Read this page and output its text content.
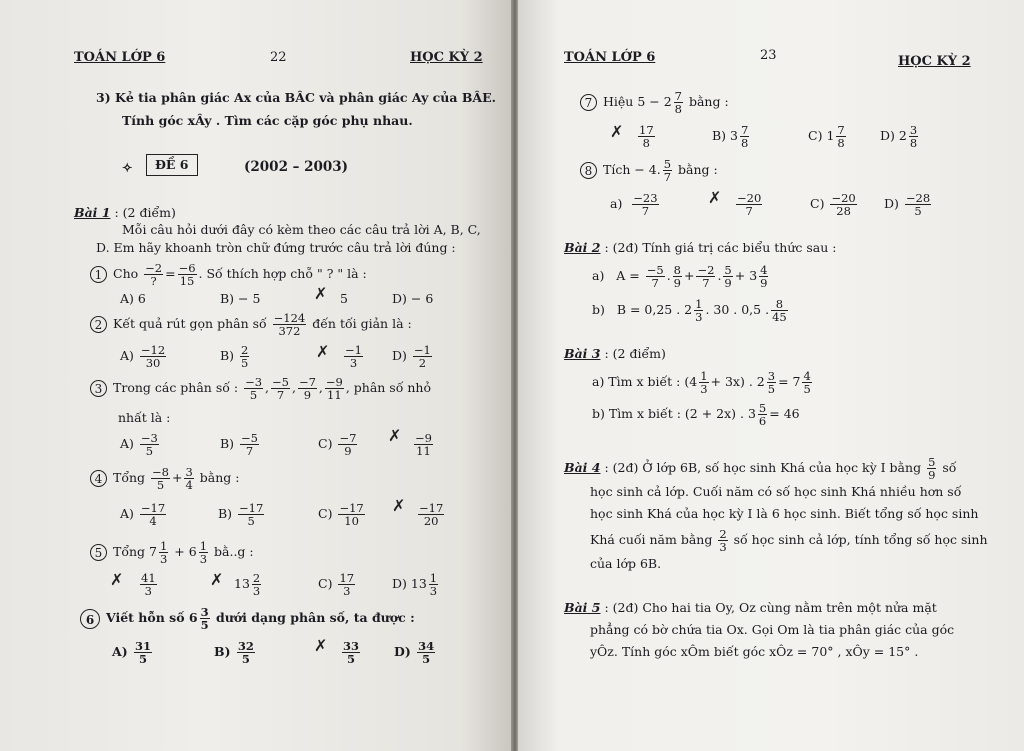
TOÁN LỚP 6	22	HỌC KỲ 2
3) Kẻ tia phân giác Ax của BÂC và phân giác Ay của BÂE.
Tính góc xÂy . Tìm các cặp góc phụ nhau.
✧	ĐỀ 6	(2002 – 2003)
Bài 1 : (2 điểm)
Mỗi câu hỏi dưới đây có kèm theo các câu trả lời A, B, C,
D. Em hãy khoanh tròn chữ đứng trước câu trả lời đúng :
1 Cho $\frac{-2}{?} = \frac{-6}{15}$ . Số thích hợp chỗ " ? " là :
A) 6	B) − 5	✗ 5	D) − 6
2 Kết quả rút gọn phân số $\frac{-124}{372}$ đến tối giản là :
$A) \frac{-12}{30}$	$B) \frac{2}{5}$	✗ $\frac{-1}{3} D) \frac{-1}{2}$
3 Trong các phân số : $\frac{-3}{5}$ , $\frac{-5}{7}$ , $\frac{-7}{9}$ , $\frac{-9}{11}$ , phân số nhỏ
nhất là :
$A) \frac{-3}{5}$	$B) \frac{-5}{7}$	$C) \frac{-7}{9}$ ✗ $\frac{-9}{11}$
4 Tổng $\frac{-8}{5} + \frac{3}{4}$ bằng :
$A) \frac{-17}{4}$	$B) \frac{-17}{5}$	$C) \frac{-17}{10}$ ✗ $\frac{-17}{20}$
5 Tổng $7 \frac{1}{3} + 6 \frac{1}{3}$ bằ..g :
✗ $\frac{41}{3}$	✗ $13 \frac{2}{3}$	$C) \frac{17}{3}$	D) $13 \frac{1}{3}$
6 Viết hỗn số $6 \frac{3}{5}$ dưới dạng phân số, ta được :
$A) \frac{31}{5}$	$B) \frac{32}{5}$	✗ $\frac{33}{5}$	$D) \frac{34}{5}$
TOÁN LỚP 6	23	HỌC KỲ 2
7 Hiệu $5 - 2 \frac{7}{8}$ bằng :
✗ $\frac{17}{8}$	B) $3 \frac{7}{8}$	C) $1 \frac{7}{8}$	D) $2 \frac{3}{8}$
8 Tích − 4. $\frac{5}{7}$ bằng :
$a) \frac{-23}{7}$	✗ $\frac{-20}{7}$	$C) \frac{-20}{28} D) \frac{-28}{5}$
Bài 2 : (2đ) Tính giá trị các biểu thức sau :
a) $A = \frac{-5}{7}$ . $\frac{8}{9} + \frac{-2}{7}$ . $\frac{5}{9} + 3 \frac{4}{9}$
b) B = 0,25 . $2 \frac{1}{3}$ . 30 . 0,5 . $\frac{8}{45}$
Bài 3 : (2 điểm)
a) Tìm x biết : $(4 \frac{1}{3} + 3x)$ . $2 \frac{3}{5} = 7 \frac{4}{5}$
b) Tìm x biết : (2 + 2x) . $3 \frac{5}{6} = 46$
Bài 4 : (2đ) Ở lớp 6B, số học sinh Khá của học kỳ I bằng $\frac{5}{9}$ số
học sinh cả lớp. Cuối năm có số học sinh Khá nhiều hơn số
học sinh Khá của học kỳ I là 6 học sinh. Biết tổng số học sinh
Khá cuối năm bằng $\frac{2}{3}$ số học sinh cả lớp, tính tổng số học sinh
của lớp 6B.
Bài 5 : (2đ) Cho hai tia Oy, Oz cùng nằm trên một nửa mặt
phẳng có bờ chứa tia Ox. Gọi Om là tia phân giác của góc
yÔz. Tính góc xÔm biết góc xÔz = 70° , xÔy = 15° .
